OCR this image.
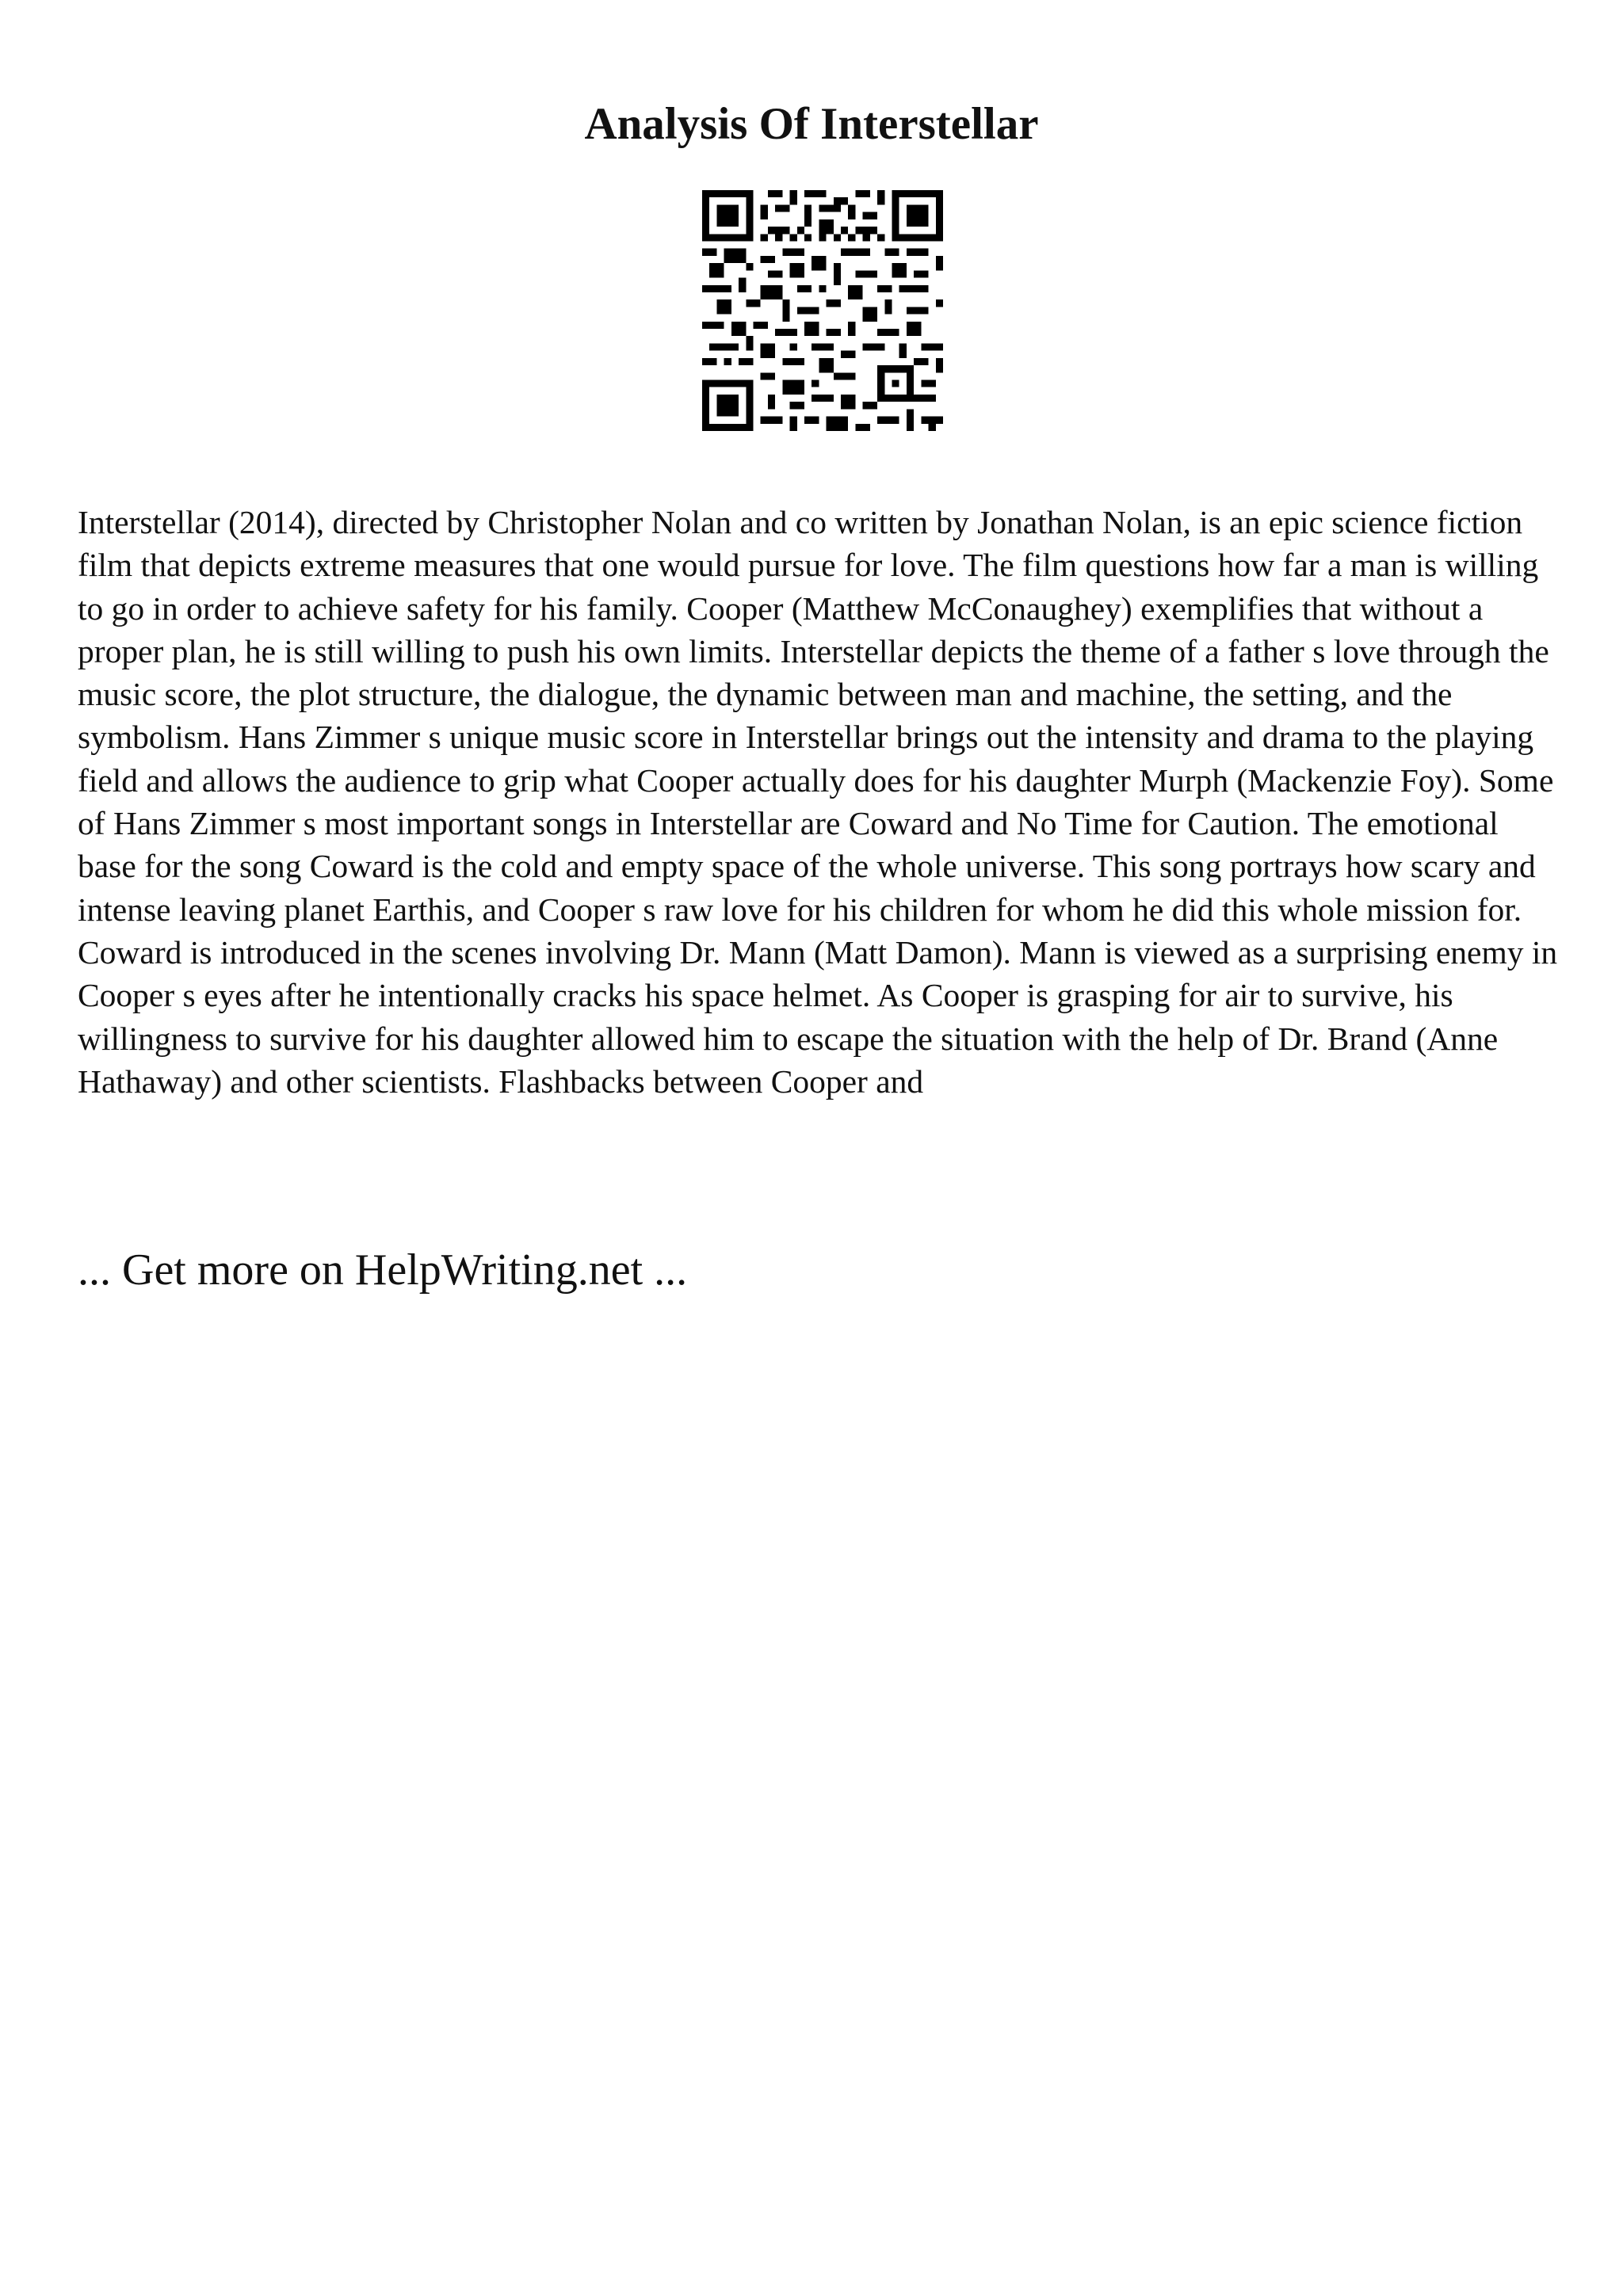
Analysis Of Interstellar

Interstellar (2014), directed by Christopher Nolan and co written by Jonathan Nolan, is an epic science fiction film that depicts extreme measures that one would pursue for love. The film questions how far a man is willing to go in order to achieve safety for his family. Cooper (Matthew McConaughey) exemplifies that without a proper plan, he is still willing to push his own limits. Interstellar depicts the theme of a father s love through the music score, the plot structure, the dialogue, the dynamic between man and machine, the setting, and the symbolism. Hans Zimmer s unique music score in Interstellar brings out the intensity and drama to the playing field and allows the audience to grip what Cooper actually does for his daughter Murph (Mackenzie Foy). Some of Hans Zimmer s most important songs in Interstellar are Coward and No Time for Caution. The emotional base for the song Coward is the cold and empty space of the whole universe. This song portrays how scary and intense leaving planet Earthis, and Cooper s raw love for his children for whom he did this whole mission for. Coward is introduced in the scenes involving Dr. Mann (Matt Damon). Mann is viewed as a surprising enemy in Cooper s eyes after he intentionally cracks his space helmet. As Cooper is grasping for air to survive, his willingness to survive for his daughter allowed him to escape the situation with the help of Dr. Brand (Anne Hathaway) and other scientists. Flashbacks between Cooper and

... Get more on HelpWriting.net ...
